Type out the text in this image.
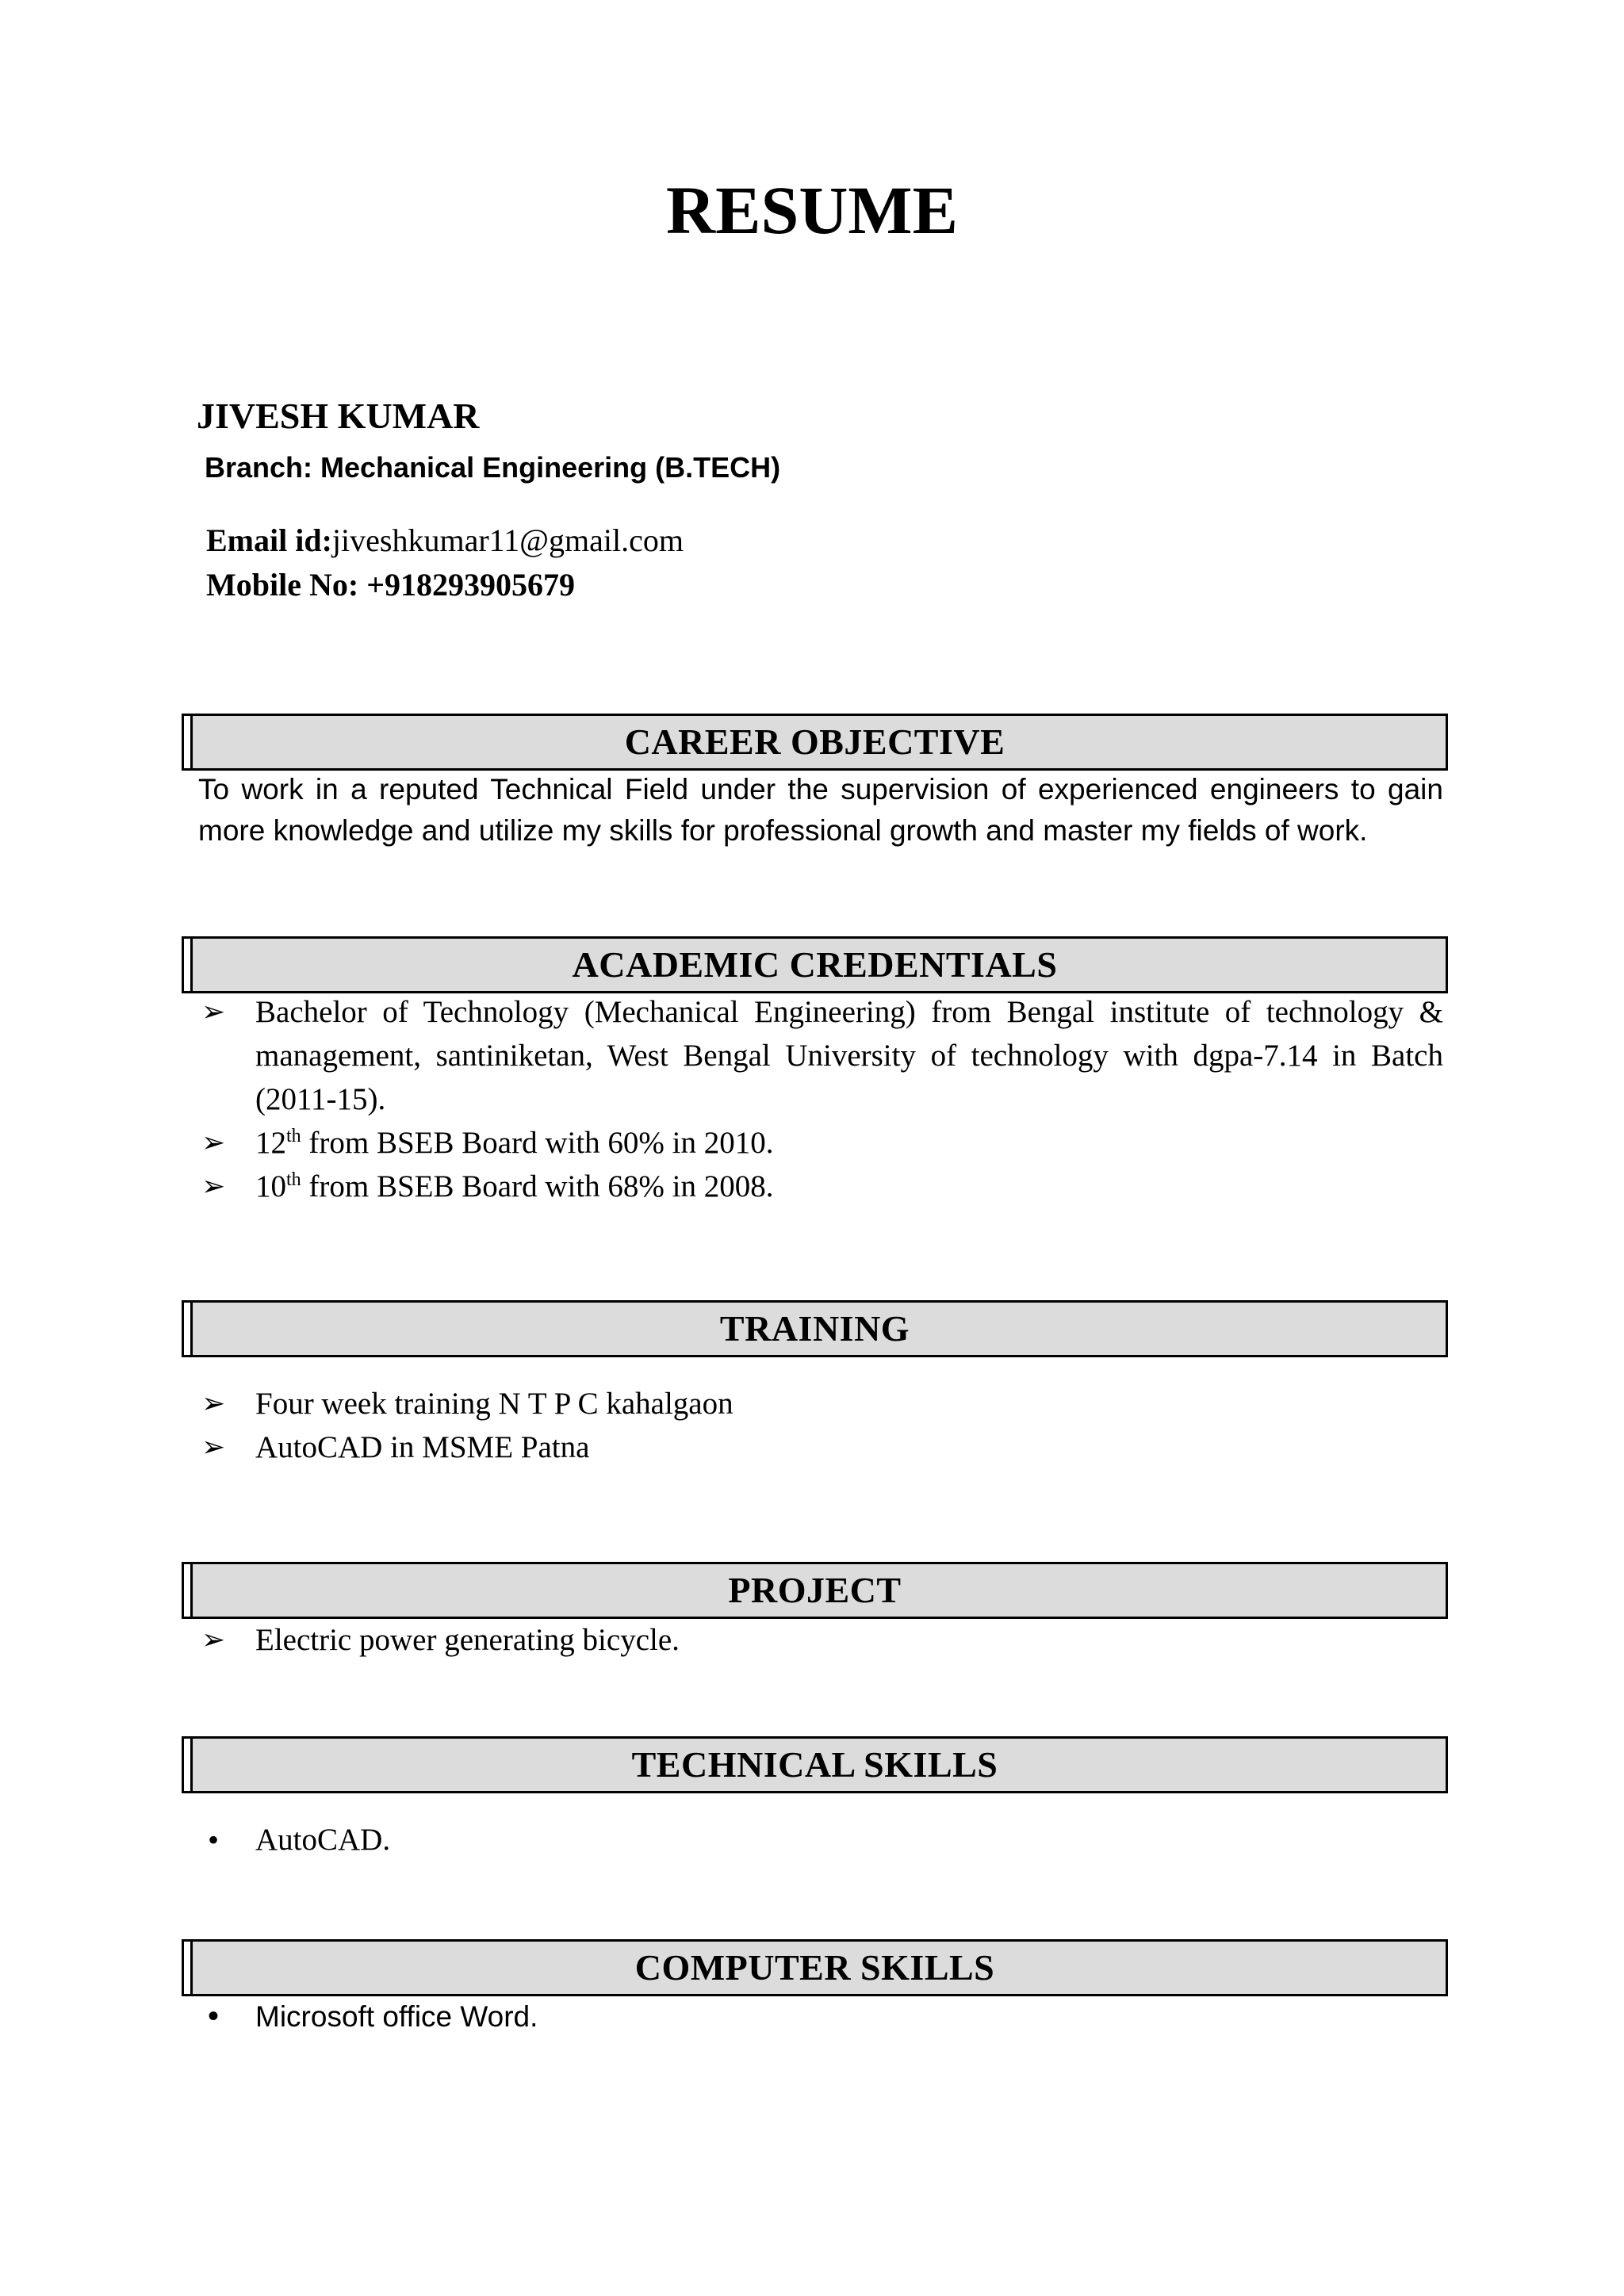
RESUME
JIVESH KUMAR
Branch: Mechanical Engineering (B.TECH)
Email id:jiveshkumar11@gmail.com
Mobile No: +918293905679
CAREER OBJECTIVE
To work in a reputed Technical Field under the supervision of experienced engineers to gain more knowledge and utilize my skills for professional growth and master my fields of work.
ACADEMIC CREDENTIALS
➢ Bachelor of Technology (Mechanical Engineering) from Bengal institute of technology & management, santiniketan, West Bengal University of technology with dgpa-7.14 in Batch (2011-15).
➢ 12th from BSEB Board with 60% in 2010.
➢ 10th from BSEB Board with 68% in 2008.
TRAINING
➢ Four week training N T P C kahalgaon
➢ AutoCAD in MSME Patna
PROJECT
➢ Electric power generating bicycle.
TECHNICAL SKILLS
• AutoCAD.
COMPUTER SKILLS
• Microsoft office Word.
